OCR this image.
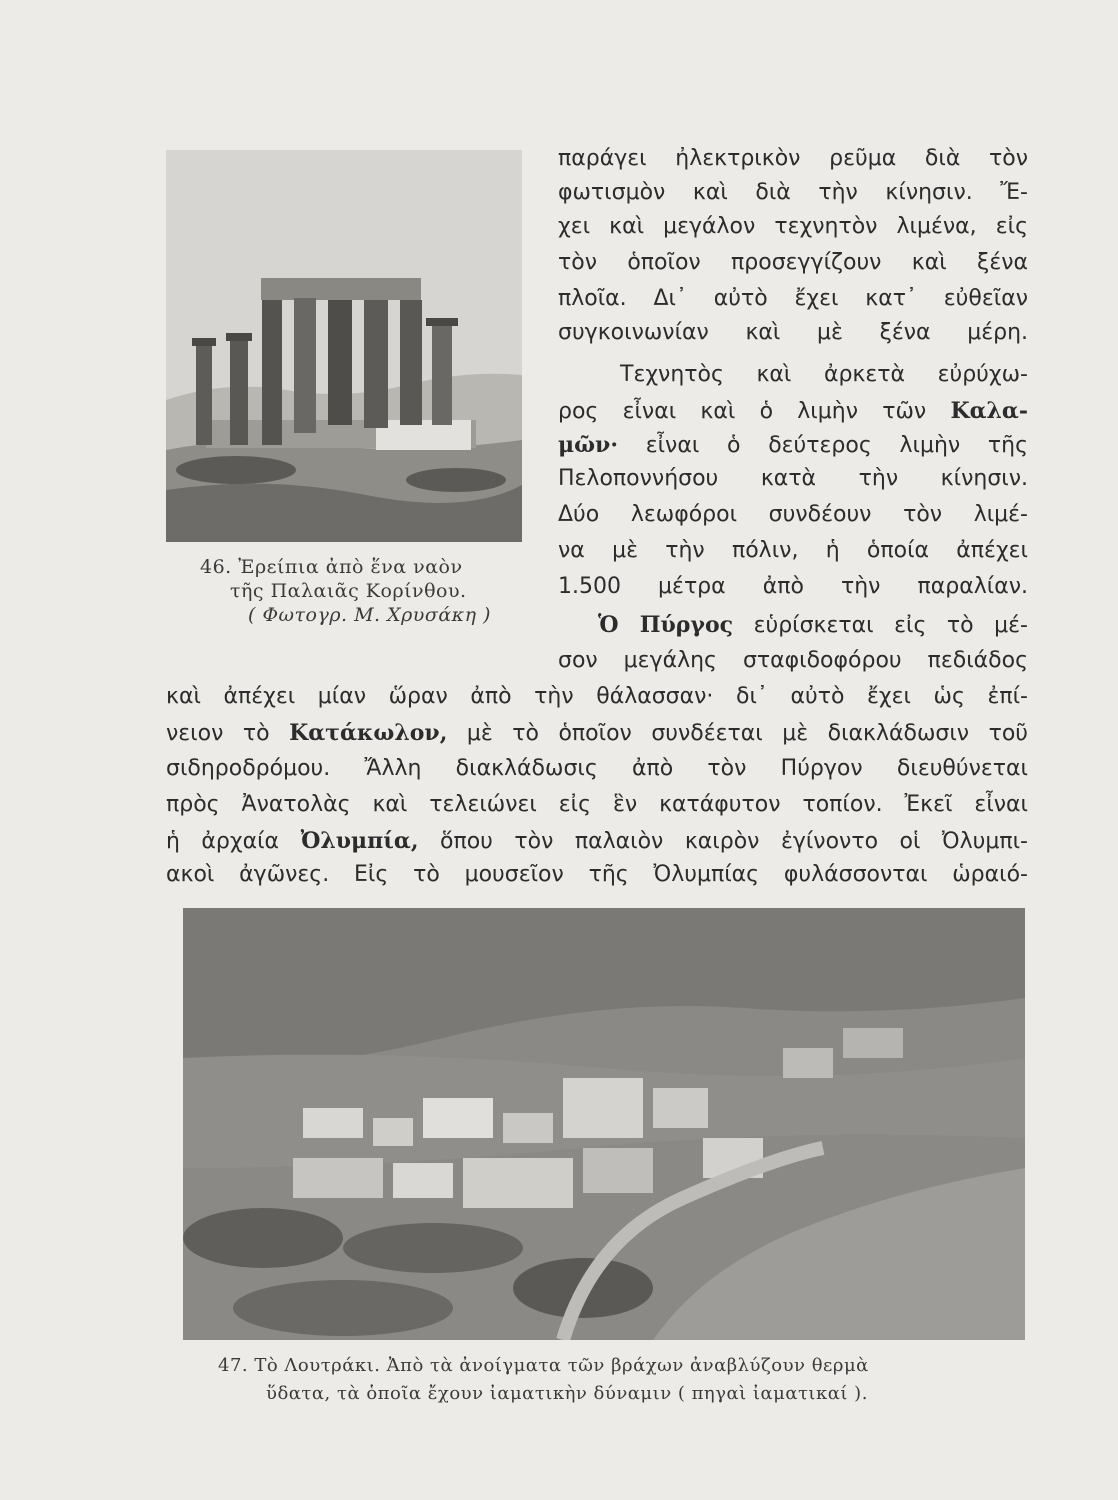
46. Ἐρείπια ἀπὸ ἕνα ναὸν
τῆς Παλαιᾶς Κορίνθου.
( Φωτογρ. Μ. Χρυσάκη )
παράγει ἠλεκτρικὸν ρεῦμα διὰ τὸν
φωτισμὸν καὶ διὰ τὴν κίνησιν. Ἔ-
χει καὶ μεγάλον τεχνητὸν λιμένα, εἰς
τὸν ὁποῖον προσεγγίζουν καὶ ξένα
πλοῖα. Δι᾽ αὐτὸ ἔχει κατ᾽ εὐθεῖαν
συγκοινωνίαν καὶ μὲ ξένα μέρη.
Τεχνητὸς καὶ ἀρκετὰ εὐρύχω-
ρος εἶναι καὶ ὁ λιμὴν τῶν Καλα-
μῶν· εἶναι ὁ δεύτερος λιμὴν τῆς
Πελοποννήσου κατὰ τὴν κίνησιν.
Δύο λεωφόροι συνδέουν τὸν λιμέ-
να μὲ τὴν πόλιν, ἡ ὁποία ἀπέχει
1.500 μέτρα ἀπὸ τὴν παραλίαν.
Ὁ Πύργος εὑρίσκεται εἰς τὸ μέ-
σον μεγάλης σταφιδοφόρου πεδιάδος
καὶ ἀπέχει μίαν ὥραν ἀπὸ τὴν θάλασσαν· δι᾽ αὐτὸ ἔχει ὡς ἐπί-
νειον τὸ Κατάκωλον, μὲ τὸ ὁποῖον συνδέεται μὲ διακλάδωσιν τοῦ
σιδηροδρόμου. Ἄλλη διακλάδωσις ἀπὸ τὸν Πύργον διευθύνεται
πρὸς Ἀνατολὰς καὶ τελειώνει εἰς ἓν κατάφυτον τοπίον. Ἐκεῖ εἶναι
ἡ ἀρχαία Ὀλυμπία, ὅπου τὸν παλαιὸν καιρὸν ἐγίνοντο οἱ Ὀλυμπι-
ακοὶ ἀγῶνες. Εἰς τὸ μουσεῖον τῆς Ὀλυμπίας φυλάσσονται ὡραιό-
47. Τὸ Λουτράκι. Ἀπὸ τὰ ἀνοίγματα τῶν βράχων ἀναβλύζουν θερμὰ
ὕδατα, τὰ ὁποῖα ἔχουν ἰαματικὴν δύναμιν ( πηγαὶ ἰαματικαί ).
